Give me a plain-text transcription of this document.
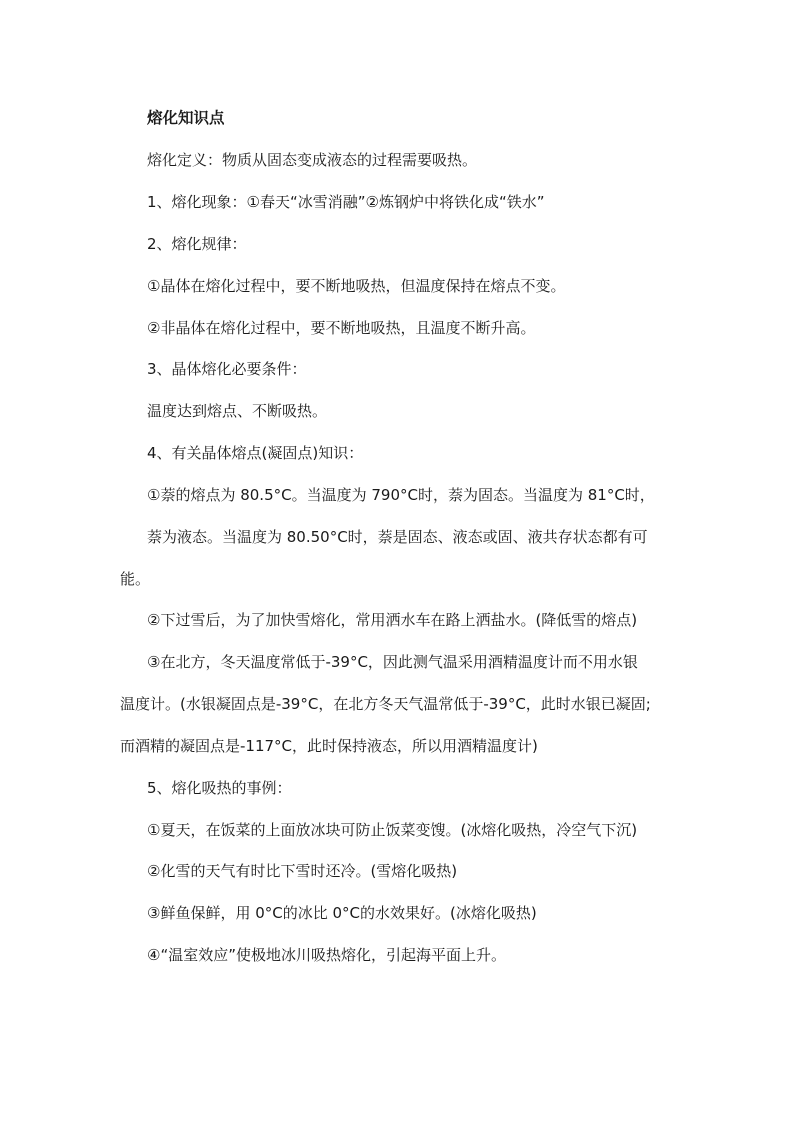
熔化知识点
熔化定义：物质从固态变成液态的过程需要吸热。
1、熔化现象：①春天“冰雪消融”②炼钢炉中将铁化成“铁水”
2、熔化规律：
①晶体在熔化过程中，要不断地吸热，但温度保持在熔点不变。
②非晶体在熔化过程中，要不断地吸热，且温度不断升高。
3、晶体熔化必要条件：
温度达到熔点、不断吸热。
4、有关晶体熔点(凝固点)知识：
①萘的熔点为 80.5°C。当温度为 790°C时，萘为固态。当温度为 81°C时，
萘为液态。当温度为 80.50°C时，萘是固态、液态或固、液共存状态都有可
能。
②下过雪后，为了加快雪熔化，常用洒水车在路上洒盐水。(降低雪的熔点)
③在北方，冬天温度常低于-39°C，因此测气温采用酒精温度计而不用水银
温度计。(水银凝固点是-39°C，在北方冬天气温常低于-39°C，此时水银已凝固;
而酒精的凝固点是-117°C，此时保持液态，所以用酒精温度计)
5、熔化吸热的事例：
①夏天，在饭菜的上面放冰块可防止饭菜变馊。(冰熔化吸热，冷空气下沉)
②化雪的天气有时比下雪时还冷。(雪熔化吸热)
③鲜鱼保鲜，用 0°C的冰比 0°C的水效果好。(冰熔化吸热)
④“温室效应”使极地冰川吸热熔化，引起海平面上升。
